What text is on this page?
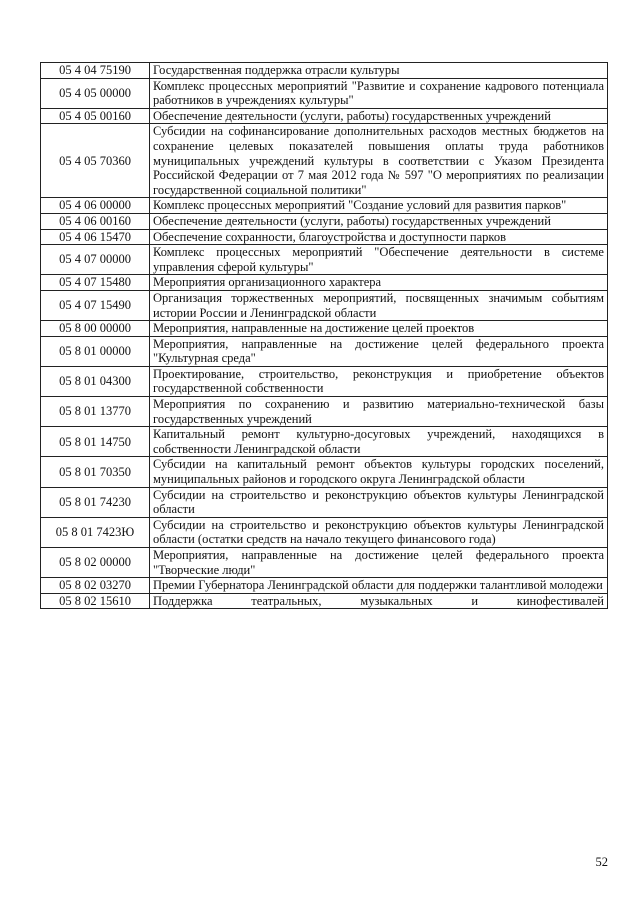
05 4 04 75190	Государственная поддержка отрасли культуры
05 4 05 00000	Комплекс процессных мероприятий "Развитие и сохранение кадрового потенциала работников в учреждениях культуры"
05 4 05 00160	Обеспечение деятельности (услуги, работы) государственных учреждений
05 4 05 70360	Субсидии на софинансирование дополнительных расходов местных бюджетов на сохранение целевых показателей повышения оплаты труда работников муниципальных учреждений культуры в соответствии с Указом Президента Российской Федерации от 7 мая 2012 года № 597 "О мероприятиях по реализации государственной социальной политики"
05 4 06 00000	Комплекс процессных мероприятий "Создание условий для развития парков"
05 4 06 00160	Обеспечение деятельности (услуги, работы) государственных учреждений
05 4 06 15470	Обеспечение сохранности, благоустройства и доступности парков
05 4 07 00000	Комплекс процессных мероприятий "Обеспечение деятельности в системе управления сферой культуры"
05 4 07 15480	Мероприятия организационного характера
05 4 07 15490	Организация торжественных мероприятий, посвященных значимым событиям истории России и Ленинградской области
05 8 00 00000	Мероприятия, направленные на достижение целей проектов
05 8 01 00000	Мероприятия, направленные на достижение целей федерального проекта "Культурная среда"
05 8 01 04300	Проектирование, строительство, реконструкция и приобретение объектов государственной собственности
05 8 01 13770	Мероприятия по сохранению и развитию материально-технической базы государственных учреждений
05 8 01 14750	Капитальный ремонт культурно-досуговых учреждений, находящихся в собственности Ленинградской области
05 8 01 70350	Субсидии на капитальный ремонт объектов культуры городских поселений, муниципальных районов и городского округа Ленинградской области
05 8 01 74230	Субсидии на строительство и реконструкцию объектов культуры Ленинградской области
05 8 01 7423Ю	Субсидии на строительство и реконструкцию объектов культуры Ленинградской области (остатки средств на начало текущего финансового года)
05 8 02 00000	Мероприятия, направленные на достижение целей федерального проекта "Творческие люди"
05 8 02 03270	Премии Губернатора Ленинградской области для поддержки талантливой молодежи
05 8 02 15610	Поддержка театральных, музыкальных и кинофестивалей
52
